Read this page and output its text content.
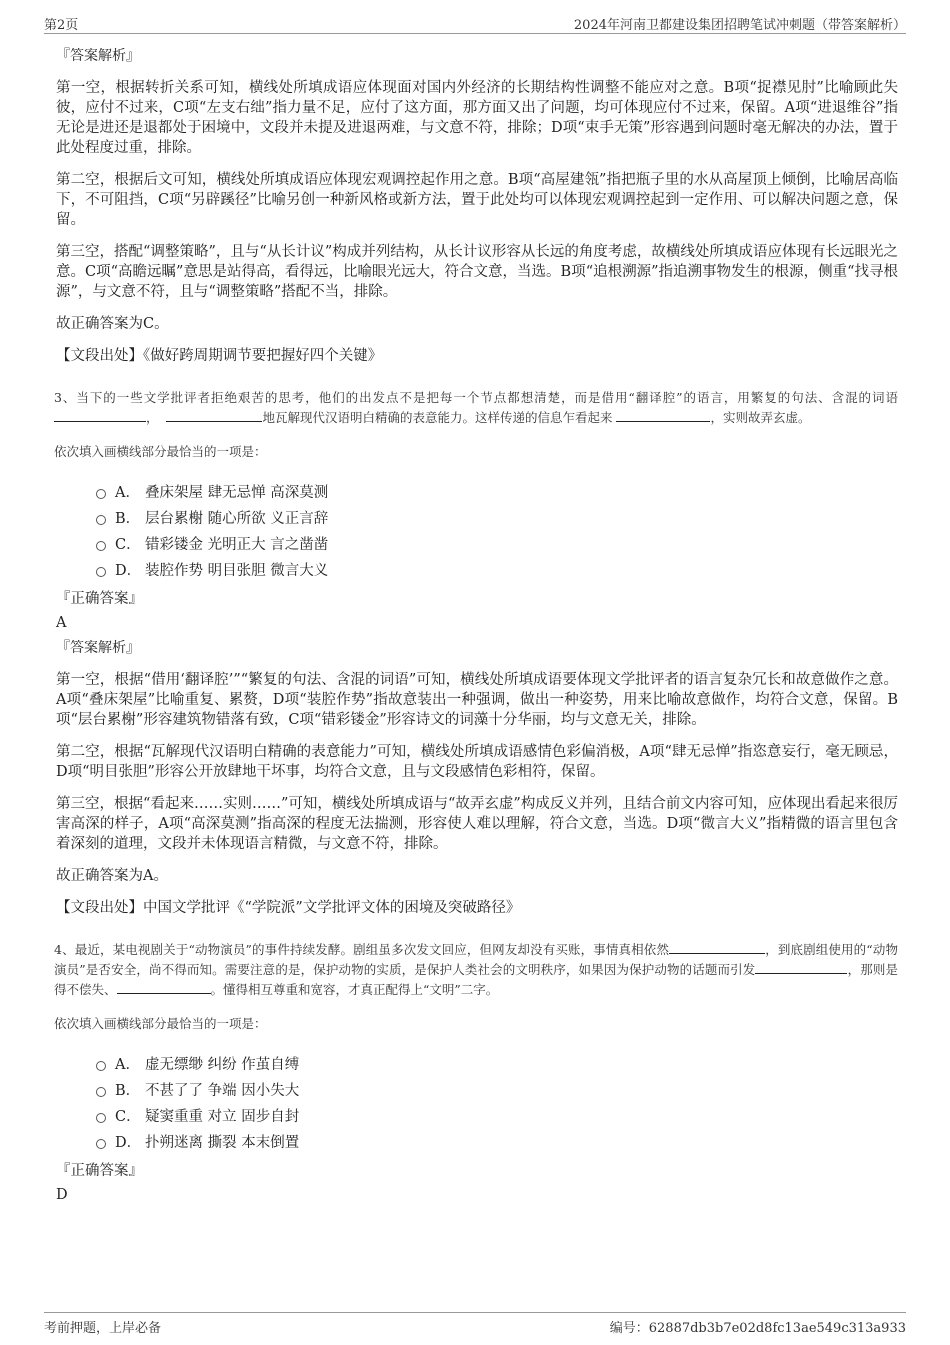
第2页	2024年河南卫都建设集团招聘笔试冲刺题（带答案解析）
『答案解析』

第一空，根据转折关系可知，横线处所填成语应体现面对国内外经济的长期结构性调整不能应对之意。B项“捉襟见肘”比喻顾此失彼，应付不过来，C项“左支右绌”指力量不足，应付了这方面，那方面又出了问题，均可体现应付不过来，保留。A项“进退维谷”指无论是进还是退都处于困境中，文段并未提及进退两难，与文意不符，排除；D项“束手无策”形容遇到问题时毫无解决的办法，置于此处程度过重，排除。

第二空，根据后文可知，横线处所填成语应体现宏观调控起作用之意。B项“高屋建瓴”指把瓶子里的水从高屋顶上倾倒，比喻居高临下，不可阻挡，C项“另辟蹊径”比喻另创一种新风格或新方法，置于此处均可以体现宏观调控起到一定作用、可以解决问题之意，保留。

第三空，搭配“调整策略”，且与“从长计议”构成并列结构，从长计议形容从长远的角度考虑，故横线处所填成语应体现有长远眼光之意。C项“高瞻远瞩”意思是站得高，看得远，比喻眼光远大，符合文意，当选。B项“追根溯源”指追溯事物发生的根源，侧重“找寻根源”，与文意不符，且与“调整策略”搭配不当，排除。

故正确答案为C。

【文段出处】《做好跨周期调节要把握好四个关键》

3、当下的一些文学批评者拒绝艰苦的思考，他们的出发点不是把每一个节点都想清楚，而是借用“翻译腔”的语言，用繁复的句法、含混的词语，	地瓦解现代汉语明白精确的表意能力。这样传递的信息乍看起来	，实则故弄玄虚。

依次填入画横线部分最恰当的一项是：

A． 叠床架屋 肆无忌惮 高深莫测
B． 层台累榭 随心所欲 义正言辞
C． 错彩镂金 光明正大 言之凿凿
D． 装腔作势 明目张胆 微言大义
『正确答案』
A
『答案解析』

第一空，根据“借用‘翻译腔’”“繁复的句法、含混的词语”可知，横线处所填成语要体现文学批评者的语言复杂冗长和故意做作之意。A项“叠床架屋”比喻重复、累赘，D项“装腔作势”指故意装出一种强调，做出一种姿势，用来比喻故意做作，均符合文意，保留。B项“层台累榭”形容建筑物错落有致，C项“错彩镂金”形容诗文的词藻十分华丽，均与文意无关，排除。

第二空，根据“瓦解现代汉语明白精确的表意能力”可知，横线处所填成语感情色彩偏消极，A项“肆无忌惮”指恣意妄行，毫无顾忌，D项“明目张胆”形容公开放肆地干坏事，均符合文意，且与文段感情色彩相符，保留。

第三空，根据“看起来……实则……”可知，横线处所填成语与“故弄玄虚”构成反义并列，且结合前文内容可知，应体现出看起来很厉害高深的样子，A项“高深莫测”指高深的程度无法揣测，形容使人难以理解，符合文意，当选。D项“微言大义”指精微的语言里包含着深刻的道理，文段并未体现语言精微，与文意不符，排除。

故正确答案为A。

【文段出处】中国文学批评《“学院派”文学批评文体的困境及突破路径》

4、最近，某电视剧关于“动物演员”的事件持续发酵。剧组虽多次发文回应，但网友却没有买账，事情真相依然	，到底剧组使用的“动物演员”是否安全，尚不得而知。需要注意的是，保护动物的实质，是保护人类社会的文明秩序，如果因为保护动物的话题而引发	，那则是得不偿失、	。懂得相互尊重和宽容，才真正配得上“文明”二字。

依次填入画横线部分最恰当的一项是：

A． 虚无缥缈 纠纷 作茧自缚
B． 不甚了了 争端 因小失大
C． 疑窦重重 对立 固步自封
D． 扑朔迷离 撕裂 本末倒置
『正确答案』
D
考前押题，上岸必备	编号：62887db3b7e02d8fc13ae549c313a933
